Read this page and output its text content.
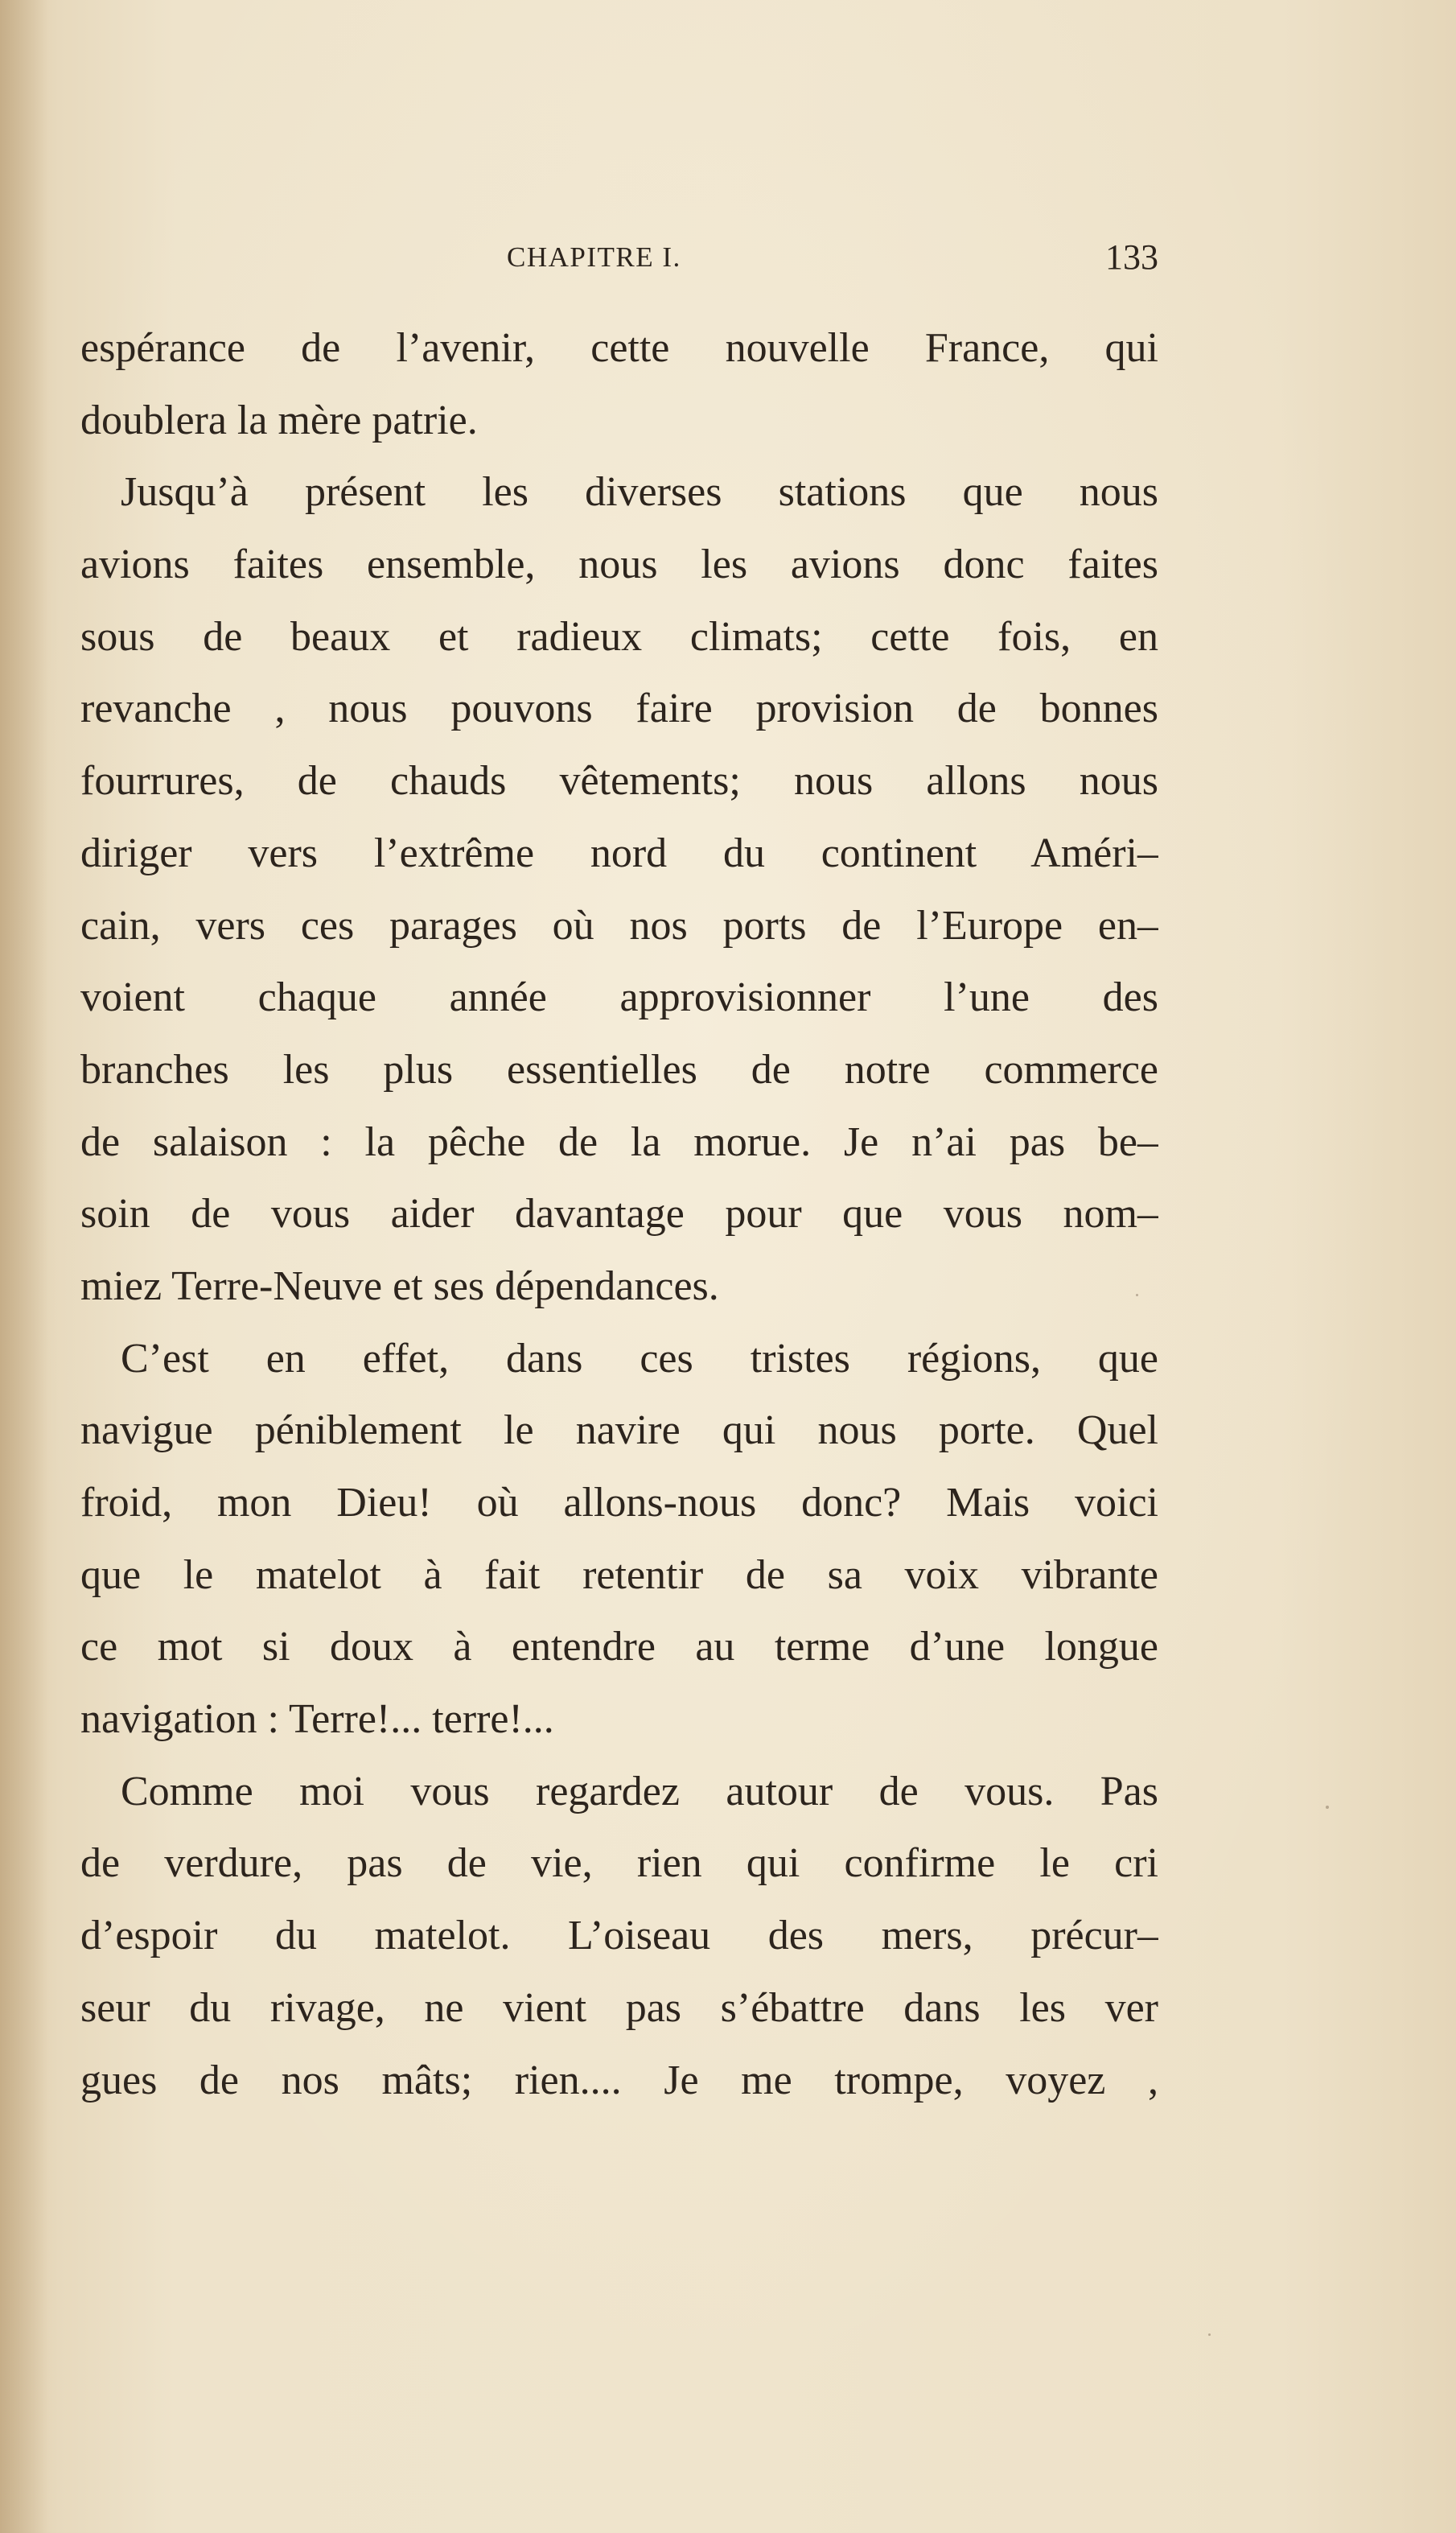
CHAPITRE I.	133
espérance de l’avenir, cette nouvelle France, qui
doublera la mère patrie.
Jusqu’à présent les diverses stations que nous
avions faites ensemble, nous les avions donc faites
sous de beaux et radieux climats; cette fois, en
revanche , nous pouvons faire provision de bonnes
fourrures, de chauds vêtements; nous allons nous
diriger vers l’extrême nord du continent Améri–
cain, vers ces parages où nos ports de l’Europe en–
voient chaque année approvisionner l’une des
branches les plus essentielles de notre commerce
de salaison : la pêche de la morue. Je n’ai pas be–
soin de vous aider davantage pour que vous nom–
miez Terre-Neuve et ses dépendances.
C’est en effet, dans ces tristes régions, que
navigue péniblement le navire qui nous porte. Quel
froid, mon Dieu! où allons-nous donc? Mais voici
que le matelot à fait retentir de sa voix vibrante
ce mot si doux à entendre au terme d’une longue
navigation : Terre!... terre!...
Comme moi vous regardez autour de vous. Pas
de verdure, pas de vie, rien qui confirme le cri
d’espoir du matelot. L’oiseau des mers, précur–
seur du rivage, ne vient pas s’ébattre dans les ver
gues de nos mâts; rien.... Je me trompe, voyez ,
